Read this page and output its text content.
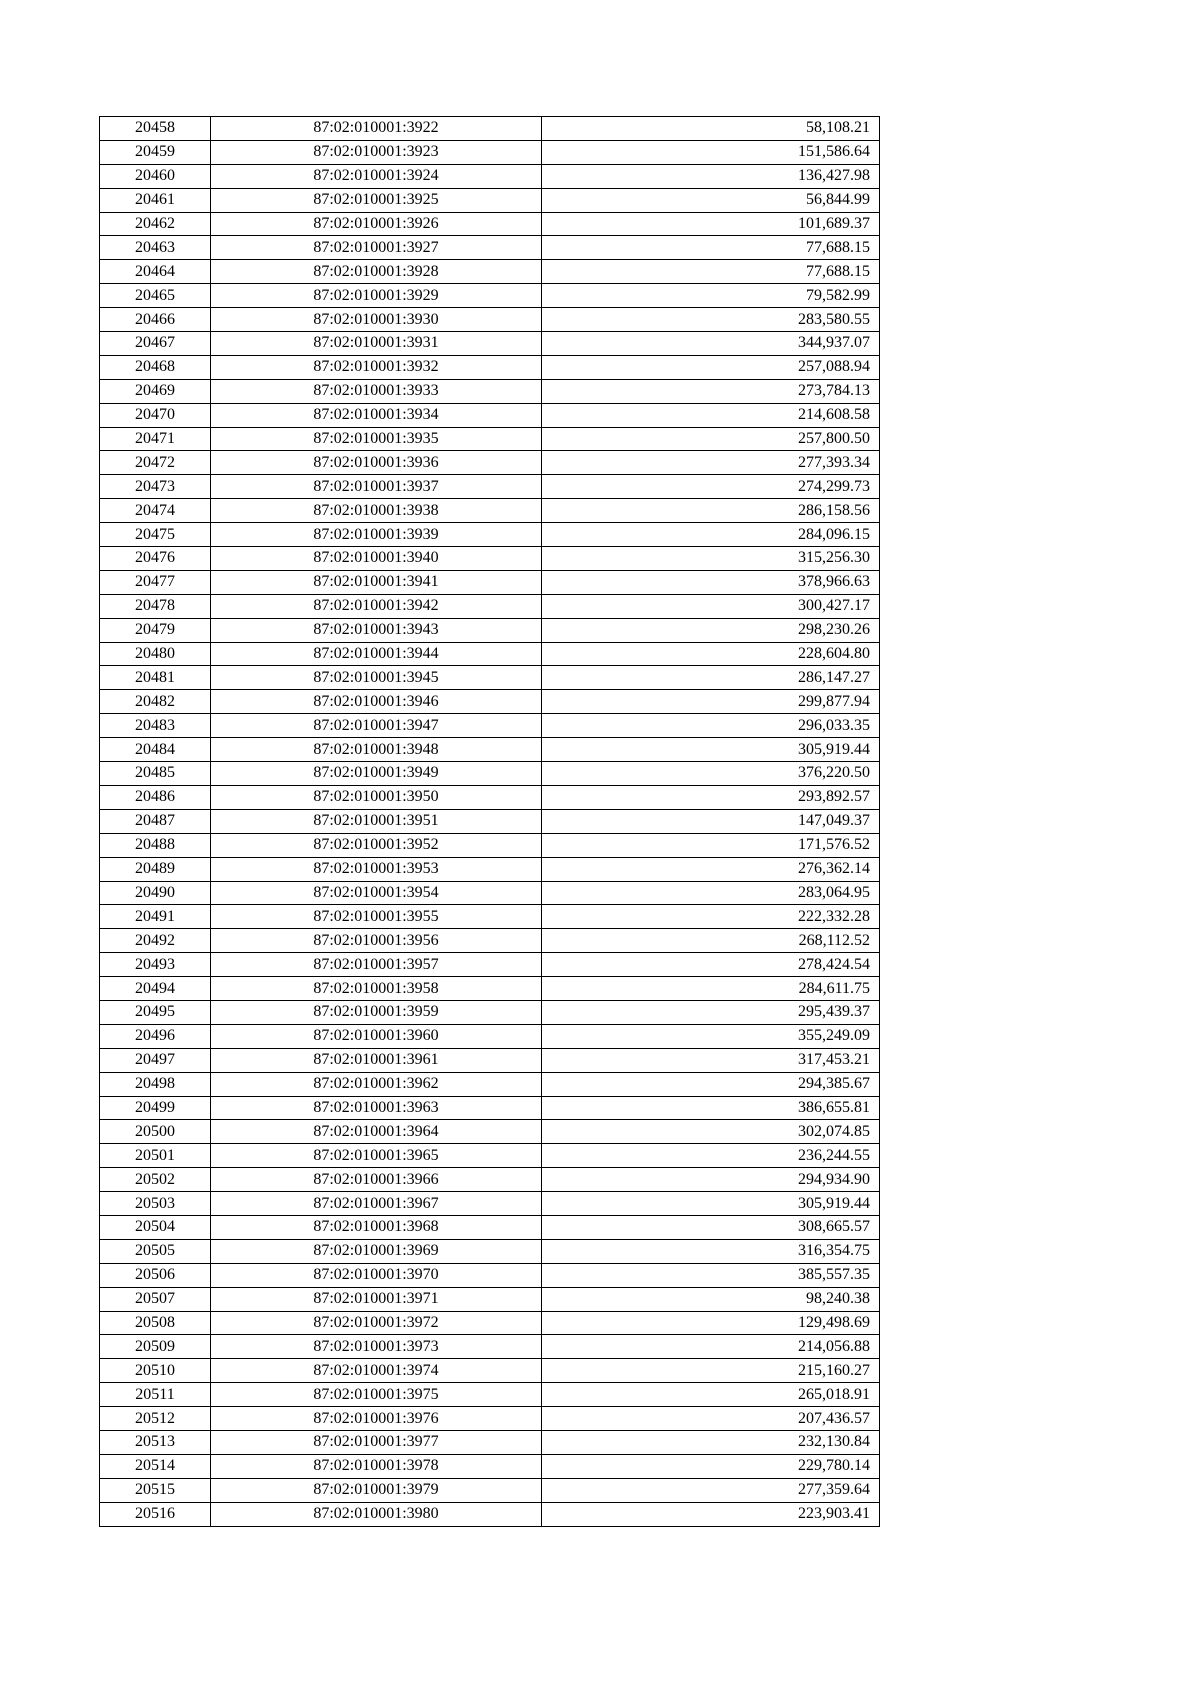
20458	87:02:010001:3922	58,108.21
20459	87:02:010001:3923	151,586.64
20460	87:02:010001:3924	136,427.98
20461	87:02:010001:3925	56,844.99
20462	87:02:010001:3926	101,689.37
20463	87:02:010001:3927	77,688.15
20464	87:02:010001:3928	77,688.15
20465	87:02:010001:3929	79,582.99
20466	87:02:010001:3930	283,580.55
20467	87:02:010001:3931	344,937.07
20468	87:02:010001:3932	257,088.94
20469	87:02:010001:3933	273,784.13
20470	87:02:010001:3934	214,608.58
20471	87:02:010001:3935	257,800.50
20472	87:02:010001:3936	277,393.34
20473	87:02:010001:3937	274,299.73
20474	87:02:010001:3938	286,158.56
20475	87:02:010001:3939	284,096.15
20476	87:02:010001:3940	315,256.30
20477	87:02:010001:3941	378,966.63
20478	87:02:010001:3942	300,427.17
20479	87:02:010001:3943	298,230.26
20480	87:02:010001:3944	228,604.80
20481	87:02:010001:3945	286,147.27
20482	87:02:010001:3946	299,877.94
20483	87:02:010001:3947	296,033.35
20484	87:02:010001:3948	305,919.44
20485	87:02:010001:3949	376,220.50
20486	87:02:010001:3950	293,892.57
20487	87:02:010001:3951	147,049.37
20488	87:02:010001:3952	171,576.52
20489	87:02:010001:3953	276,362.14
20490	87:02:010001:3954	283,064.95
20491	87:02:010001:3955	222,332.28
20492	87:02:010001:3956	268,112.52
20493	87:02:010001:3957	278,424.54
20494	87:02:010001:3958	284,611.75
20495	87:02:010001:3959	295,439.37
20496	87:02:010001:3960	355,249.09
20497	87:02:010001:3961	317,453.21
20498	87:02:010001:3962	294,385.67
20499	87:02:010001:3963	386,655.81
20500	87:02:010001:3964	302,074.85
20501	87:02:010001:3965	236,244.55
20502	87:02:010001:3966	294,934.90
20503	87:02:010001:3967	305,919.44
20504	87:02:010001:3968	308,665.57
20505	87:02:010001:3969	316,354.75
20506	87:02:010001:3970	385,557.35
20507	87:02:010001:3971	98,240.38
20508	87:02:010001:3972	129,498.69
20509	87:02:010001:3973	214,056.88
20510	87:02:010001:3974	215,160.27
20511	87:02:010001:3975	265,018.91
20512	87:02:010001:3976	207,436.57
20513	87:02:010001:3977	232,130.84
20514	87:02:010001:3978	229,780.14
20515	87:02:010001:3979	277,359.64
20516	87:02:010001:3980	223,903.41
